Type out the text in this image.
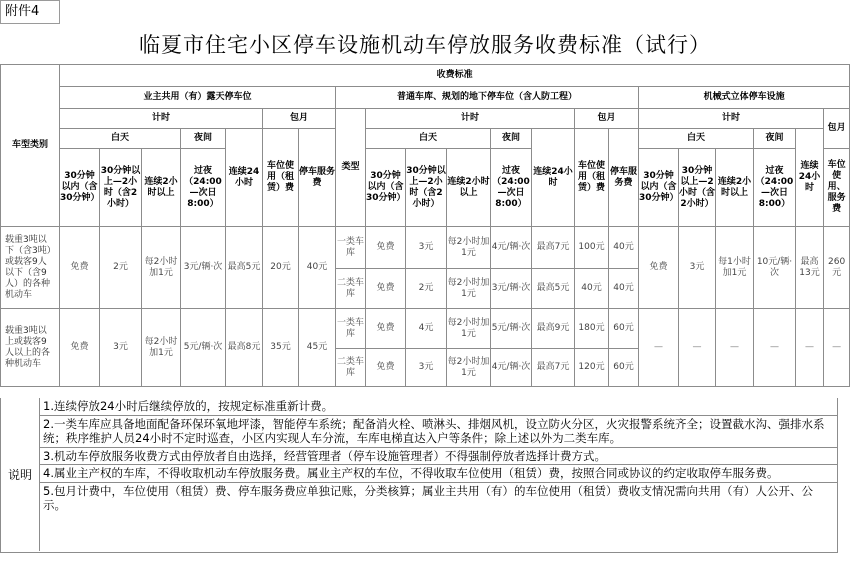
附件4
临夏市住宅小区停车设施机动车停放服务收费标准（试行）
车型类别	收费标准																				
	业主共用（有）露天停车位							普通车库、规划的地下停车位（含人防工程）								机械式立体停车设施					
	计时					包月		类型	计时					包月		计时					包月
	白天			夜间	连续24小时	车位使用（租赁）费	停车服务费		白天			夜间	连续24小时	车位使用（租赁）费	停车服务费	白天			夜间	连续24小时	
	30分钟以内（含30分钟）	30分钟以上—2小时（含2小时）	连续2小时以上	过夜（24:00—次日8:00）					30分钟以内（含30分钟）	30分钟以上—2小时（含2小时）	连续2小时以上	过夜（24:00—次日8:00）				30分钟以内（含30分钟）	30分钟以上—2小时（含2小时）	连续2小时以上	过夜（24:00—次日8:00）		车位使用、服务费
载重3吨以下（含3吨）或载客9人以下（含9人）的各种机动车	免费	2元	每2小时加1元	3元/辆·次	最高5元	20元	40元	一类车库	免费	3元	每2小时加1元	4元/辆·次	最高7元	100元	40元	免费	3元	每1小时加1元	10元/辆·次	最高13元	260元
								二类车库	免费	2元	每2小时加1元	3元/辆·次	最高5元	40元	40元						
载重3吨以上或载客9人以上的各种机动车	免费	3元	每2小时加1元	5元/辆·次	最高8元	35元	45元	一类车库	免费	4元	每2小时加1元	5元/辆·次	最高9元	180元	60元	—	—	—	—	—	—
								二类车库	免费	3元	每2小时加1元	4元/辆·次	最高7元	120元	60元						
说明
1.连续停放24小时后继续停放的，按规定标准重新计费。
2.一类车库应具备地面配备环保环氧地坪漆，智能停车系统；配备消火栓、喷淋头、排烟风机，设立防火分区，火灾报警系统齐全；设置截水沟、强排水系统；秩序维护人员24小时不定时巡查，小区内实现人车分流，车库电梯直达入户等条件；除上述以外为二类车库。
3.机动车停放服务收费方式由停放者自由选择，经营管理者（停车设施管理者）不得强制停放者选择计费方式。
4.属业主产权的车库，不得收取机动车停放服务费。属业主产权的车位，不得收取车位使用（租赁）费，按照合同或协议的约定收取停车服务费。
5.包月计费中，车位使用（租赁）费、停车服务费应单独记账，分类核算；属业主共用（有）的车位使用（租赁）费收支情况需向共用（有）人公开、公示。
